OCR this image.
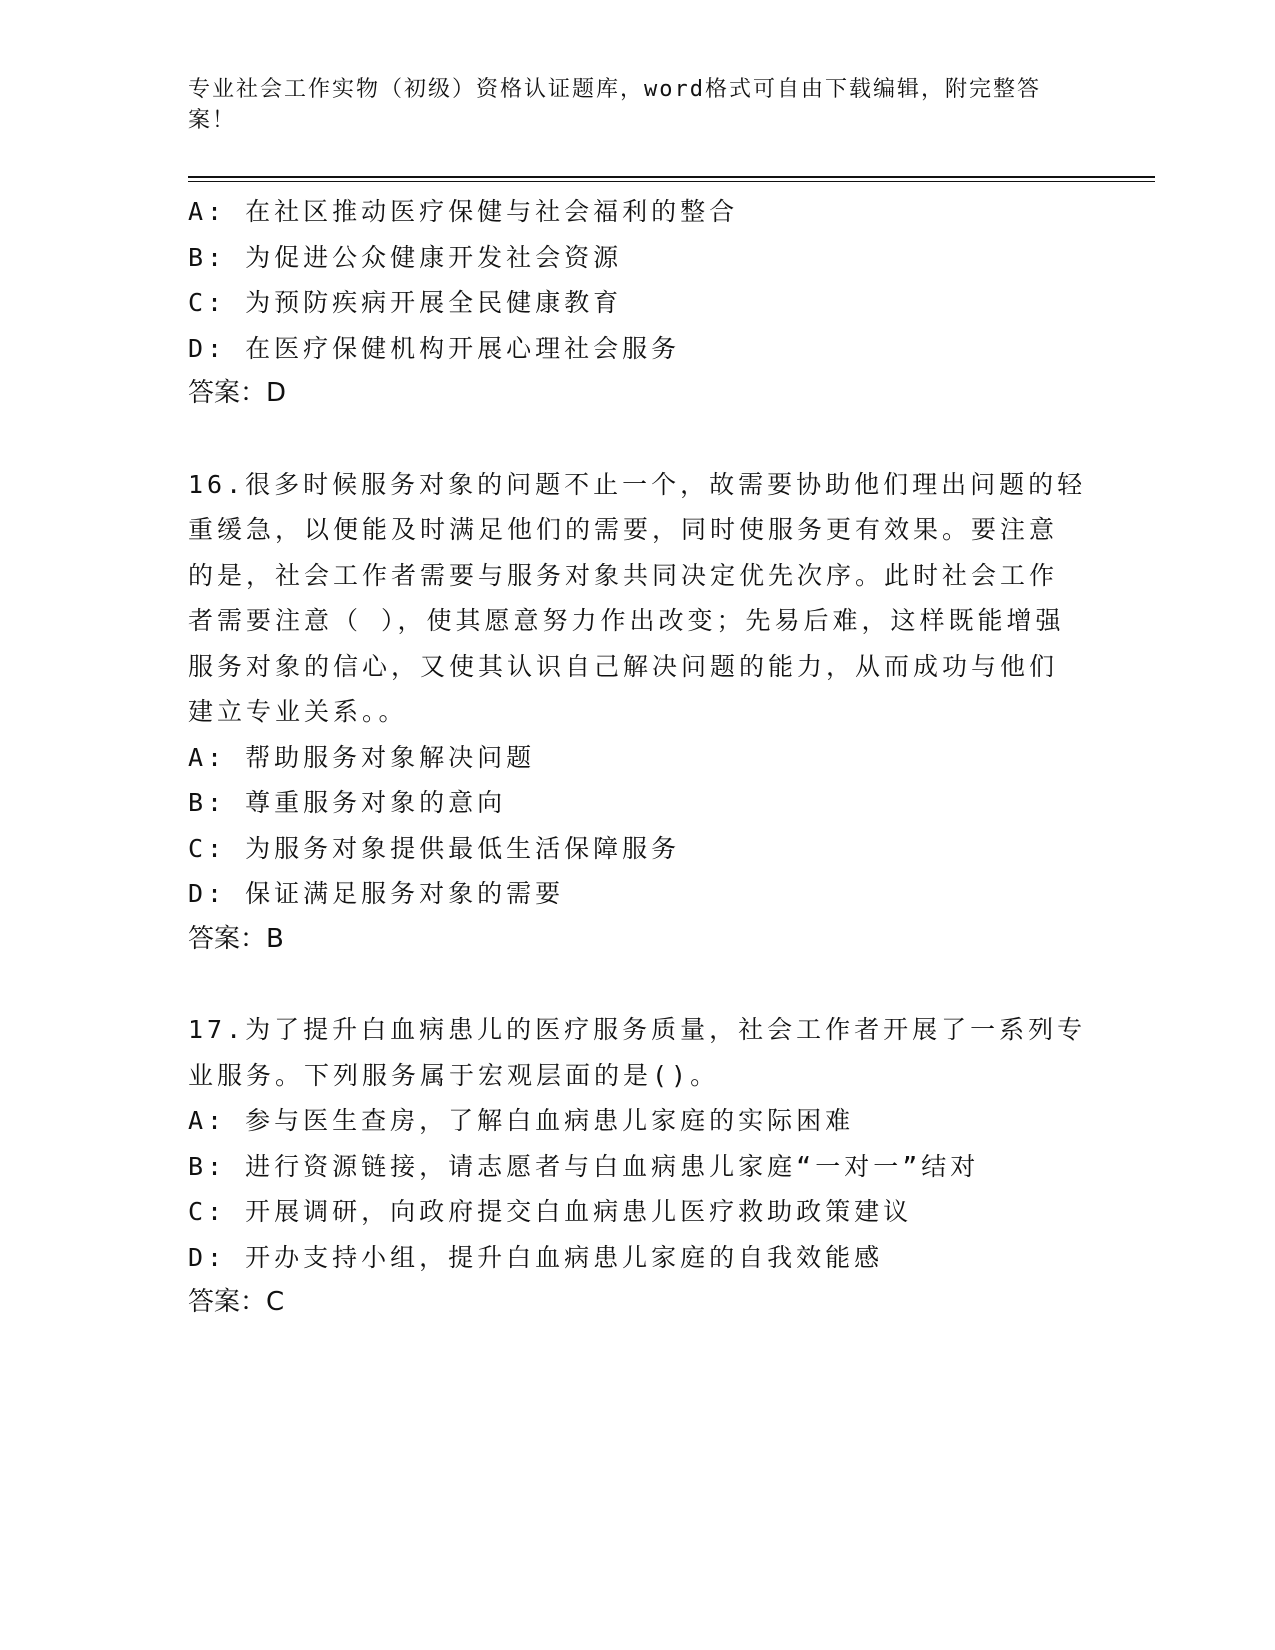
专业社会工作实物（初级）资格认证题库，word格式可自由下载编辑，附完整答
案！
A: 在社区推动医疗保健与社会福利的整合
B: 为促进公众健康开发社会资源
C: 为预防疾病开展全民健康教育
D: 在医疗保健机构开展心理社会服务
答案：D
16.很多时候服务对象的问题不止一个，故需要协助他们理出问题的轻
重缓急，以便能及时满足他们的需要，同时使服务更有效果。要注意
的是，社会工作者需要与服务对象共同决定优先次序。此时社会工作
者需要注意（ ），使其愿意努力作出改变；先易后难，这样既能增强
服务对象的信心，又使其认识自己解决问题的能力，从而成功与他们
建立专业关系。。
A: 帮助服务对象解决问题
B: 尊重服务对象的意向
C: 为服务对象提供最低生活保障服务
D: 保证满足服务对象的需要
答案：B
17.为了提升白血病患儿的医疗服务质量，社会工作者开展了一系列专
业服务。下列服务属于宏观层面的是()。
A: 参与医生查房，了解白血病患儿家庭的实际困难
B: 进行资源链接，请志愿者与白血病患儿家庭“一对一”结对
C: 开展调研，向政府提交白血病患儿医疗救助政策建议
D: 开办支持小组，提升白血病患儿家庭的自我效能感
答案：C
